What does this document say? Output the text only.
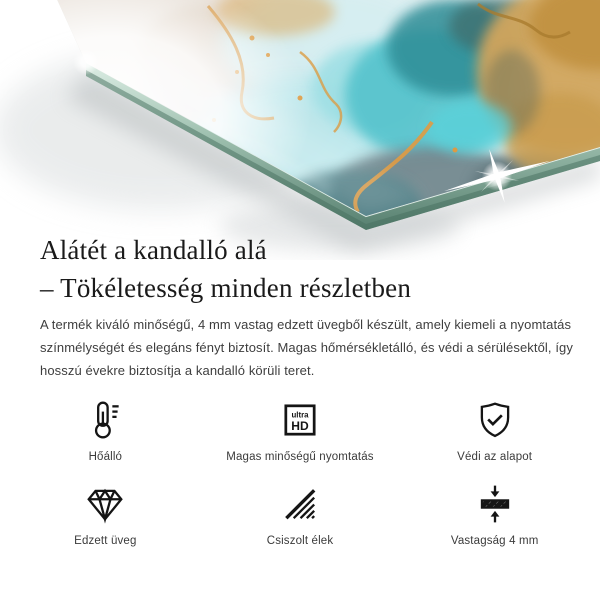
Alátét a kandalló alá
– Tökéletesség minden részletben

A termék kiváló minőségű, 4 mm vastag edzett üvegből készült, amely kiemeli a nyomtatás
színmélységét és elegáns fényt biztosít. Magas hőmérsékletálló, és védi a sérülésektől, így
hosszú évekre biztosítja a kandalló körüli teret.

Hőálló
ultra
HD
Magas minőségű nyomtatás	Védi az alapot
Edzett üveg	Csiszolt élek	Vastagság 4 mm
